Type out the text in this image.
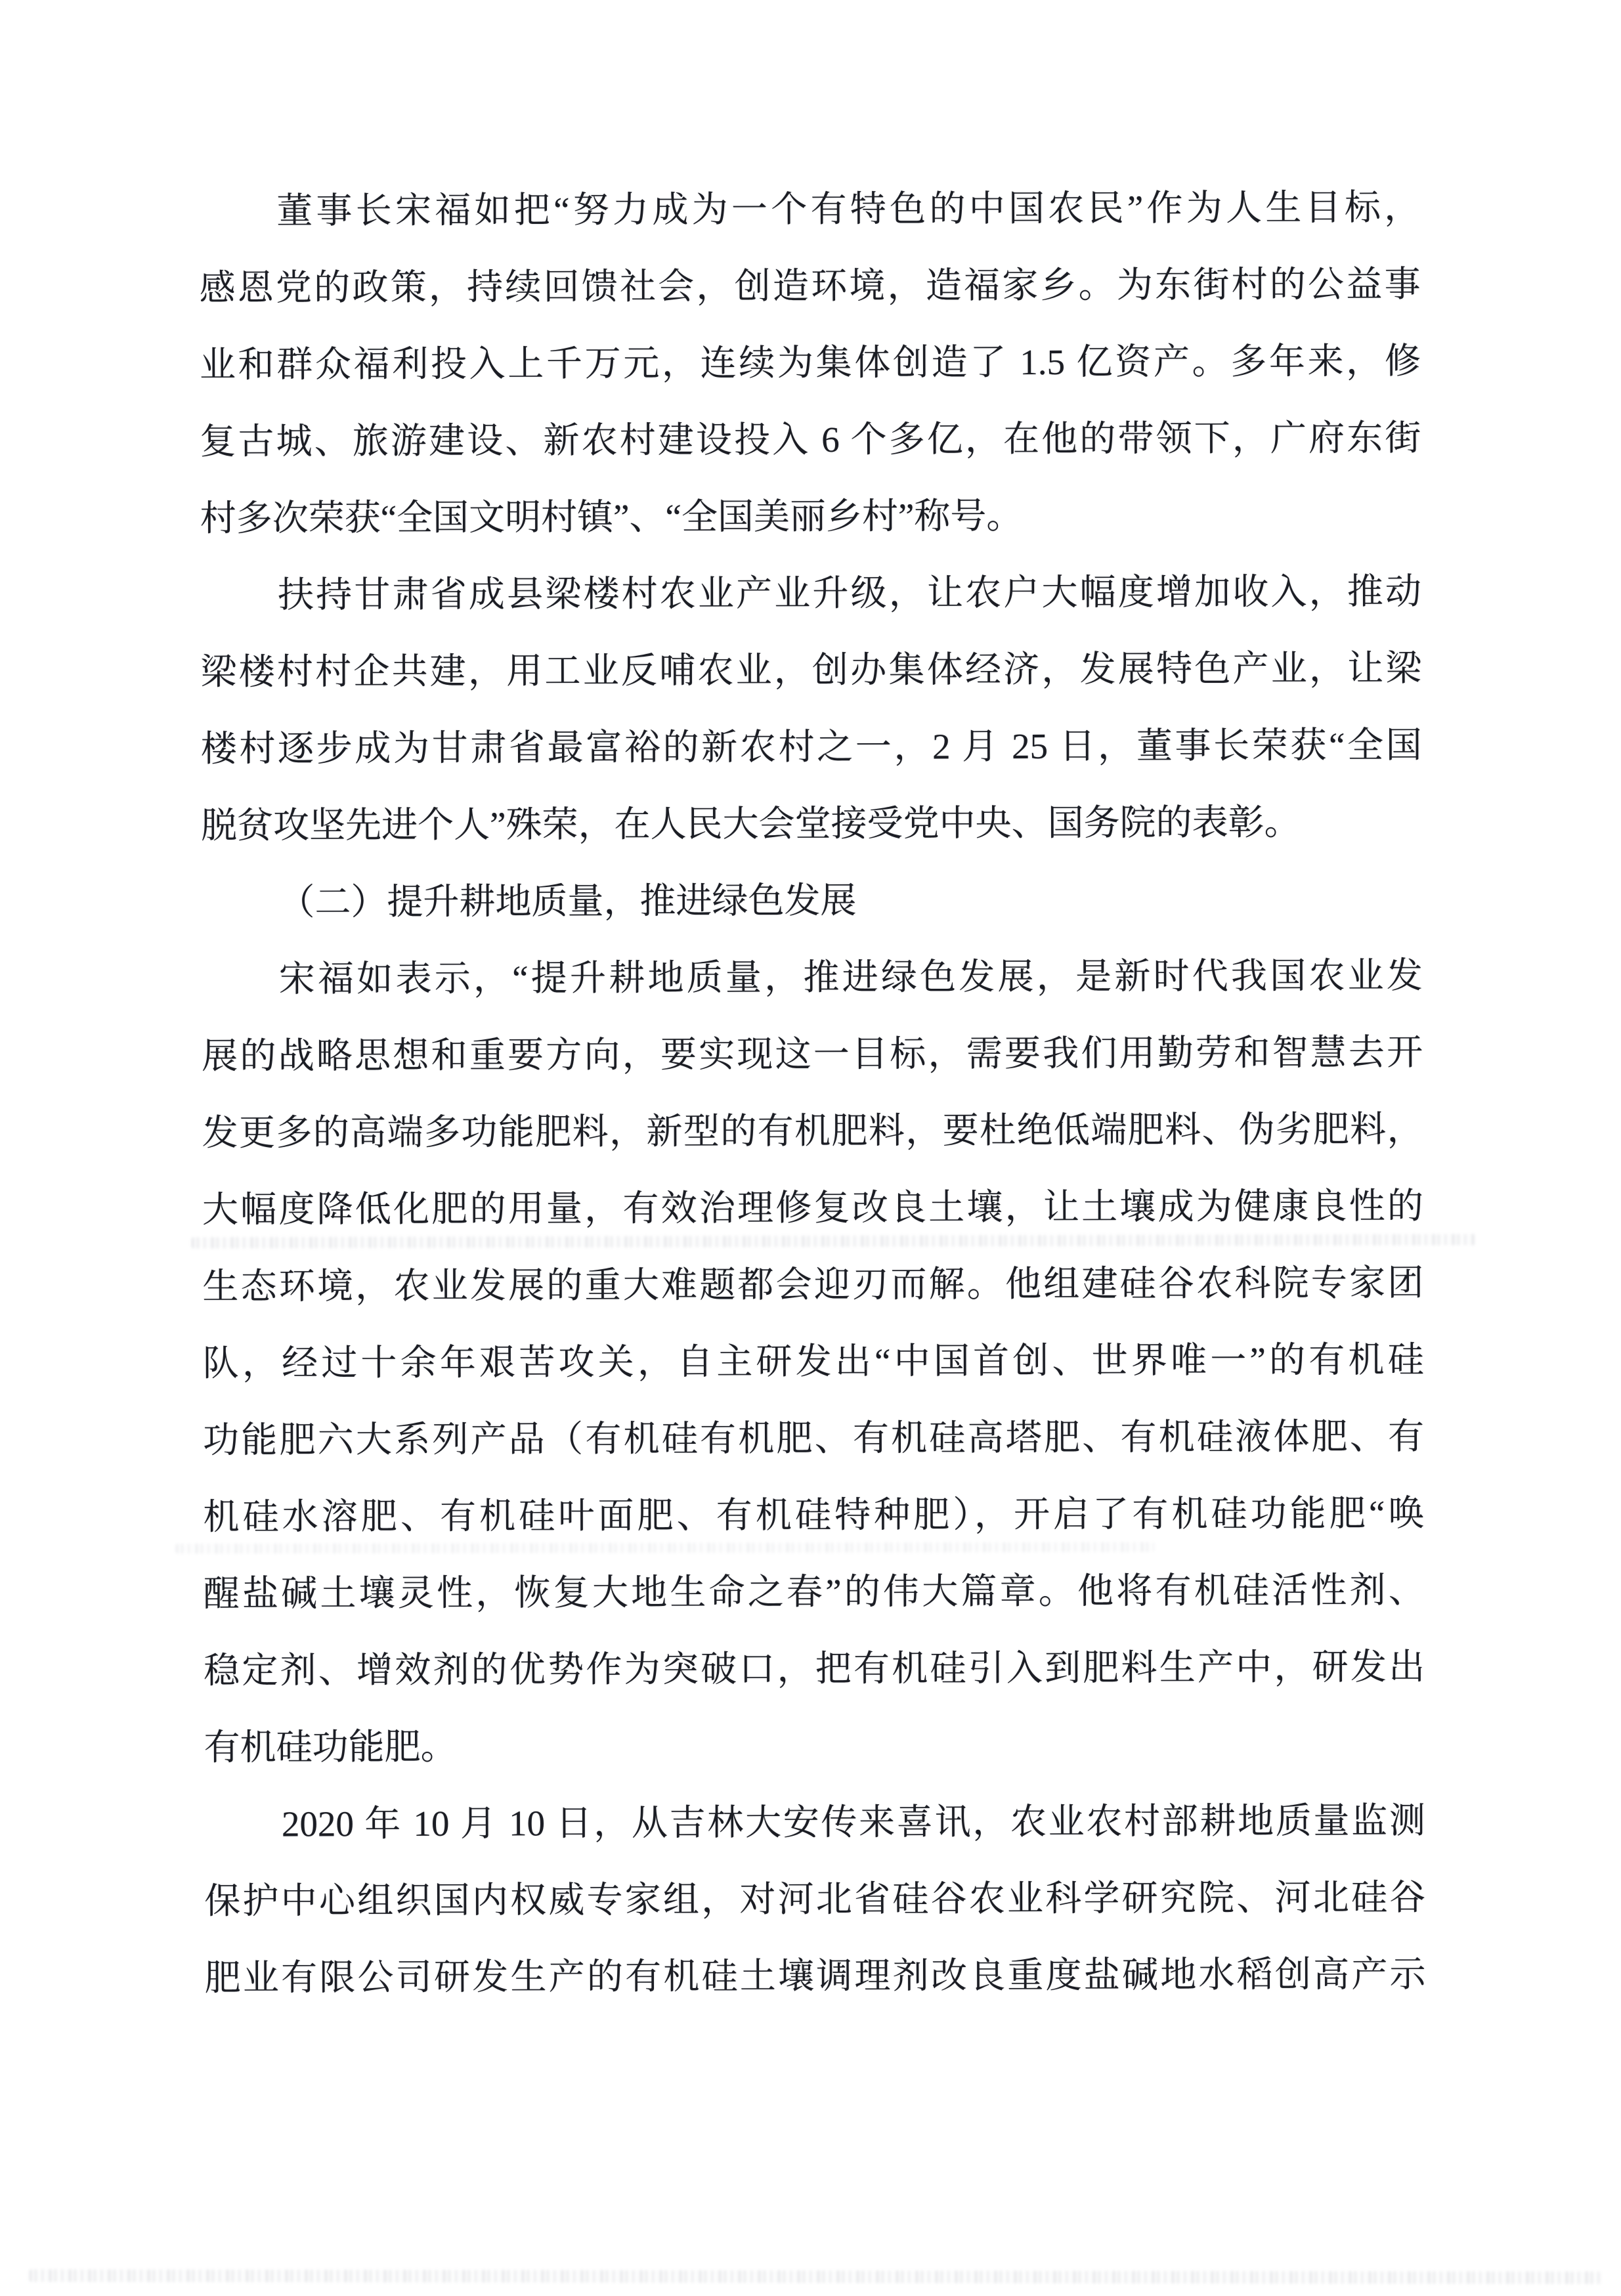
董事长宋福如把“努力成为一个有特色的中国农民”作为人生目标，
感恩党的政策，持续回馈社会，创造环境，造福家乡。为东街村的公益事
业和群众福利投入上千万元，连续为集体创造了 1.5 亿资产。多年来，修
复古城、旅游建设、新农村建设投入 6 个多亿，在他的带领下，广府东街
村多次荣获“全国文明村镇”、“全国美丽乡村”称号。
扶持甘肃省成县梁楼村农业产业升级，让农户大幅度增加收入，推动
梁楼村村企共建，用工业反哺农业，创办集体经济，发展特色产业，让梁
楼村逐步成为甘肃省最富裕的新农村之一，2 月 25 日，董事长荣获“全国
脱贫攻坚先进个人”殊荣，在人民大会堂接受党中央、国务院的表彰。
（二）提升耕地质量，推进绿色发展
宋福如表示，“提升耕地质量，推进绿色发展，是新时代我国农业发
展的战略思想和重要方向，要实现这一目标，需要我们用勤劳和智慧去开
发更多的高端多功能肥料，新型的有机肥料，要杜绝低端肥料、伪劣肥料，
大幅度降低化肥的用量，有效治理修复改良土壤，让土壤成为健康良性的
生态环境，农业发展的重大难题都会迎刃而解。他组建硅谷农科院专家团
队，经过十余年艰苦攻关，自主研发出“中国首创、世界唯一”的有机硅
功能肥六大系列产品（有机硅有机肥、有机硅高塔肥、有机硅液体肥、有
机硅水溶肥、有机硅叶面肥、有机硅特种肥），开启了有机硅功能肥“唤
醒盐碱土壤灵性，恢复大地生命之春”的伟大篇章。他将有机硅活性剂、
稳定剂、增效剂的优势作为突破口，把有机硅引入到肥料生产中，研发出
有机硅功能肥。
2020 年 10 月 10 日，从吉林大安传来喜讯，农业农村部耕地质量监测
保护中心组织国内权威专家组，对河北省硅谷农业科学研究院、河北硅谷
肥业有限公司研发生产的有机硅土壤调理剂改良重度盐碱地水稻创高产示
